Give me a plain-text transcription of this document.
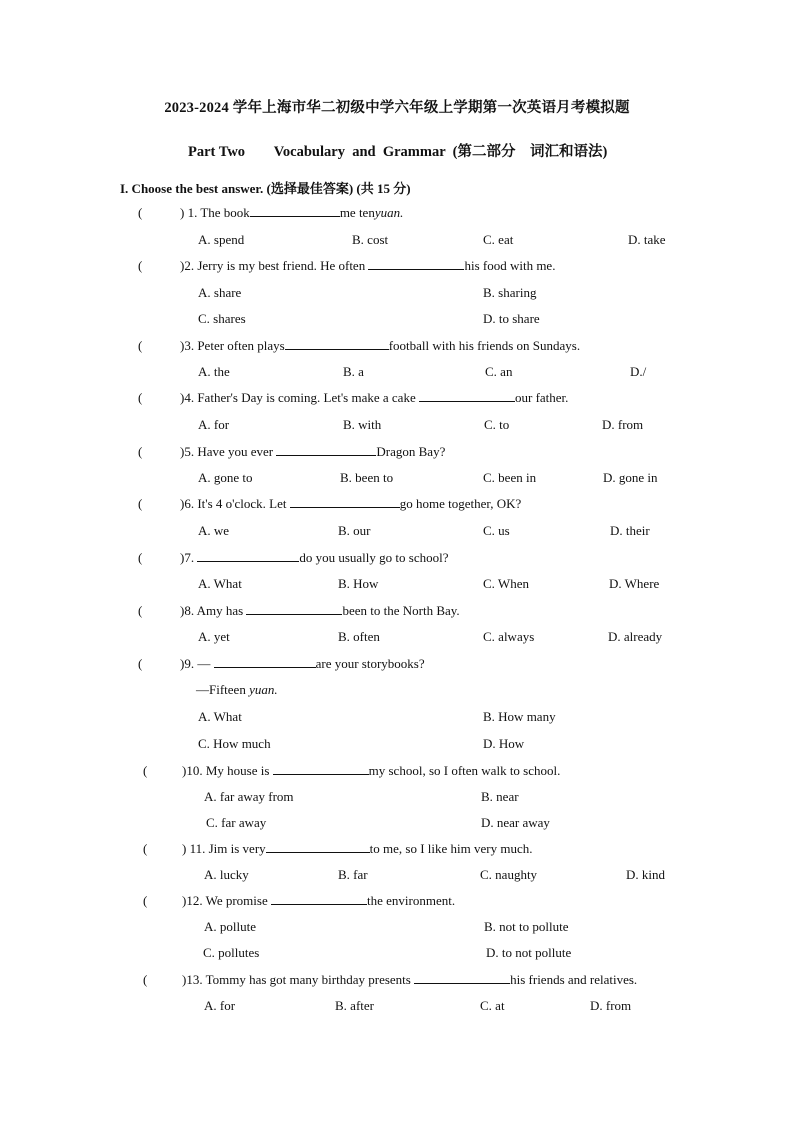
2023-2024 学年上海市华二初级中学六年级上学期第一次英语月考模拟题
Part Two        Vocabulary  and  Grammar  (第二部分    词汇和语法)
I. Choose the best answer. (选择最佳答案) (共 15 分)
(	) 1. The book	me tenyuan.
A. spend	B. cost	C. eat	D. take
(	)2. Jerry is my best friend. He often	his food with me.
A. share	B. sharing
C. shares	D. to share
(	)3. Peter often plays	football with his friends on Sundays.
A. the	B. a	C. an	D./
(	)4. Father's Day is coming. Let's make a cake	our father.
A. for	B. with	C. to	D. from
(	)5. Have you ever	Dragon Bay?
A. gone to	B. been to	C. been in	D. gone in
(	)6. It's 4 o'clock. Let	go home together, OK?
A. we	B. our	C. us	D. their
(	)7.	do you usually go to school?
A. What	B. How	C. When	D. Where
(	)8. Amy has	been to the North Bay.
A. yet	B. often	C. always	D. already
(	)9. —	are your storybooks?
—Fifteen yuan.
A. What	B. How many
C. How much	D. How
(	)10. My house is	my school, so I often walk to school.
A. far away from	B. near
C. far away	D. near away
(	) 11. Jim is very	to me, so I like him very much.
A. lucky	B. far	C. naughty	D. kind
(	)12. We promise	the environment.
A. pollute	B. not to pollute
C. pollutes	D. to not pollute
(	)13. Tommy has got many birthday presents	his friends and relatives.
A. for	B. after	C. at	D. from
